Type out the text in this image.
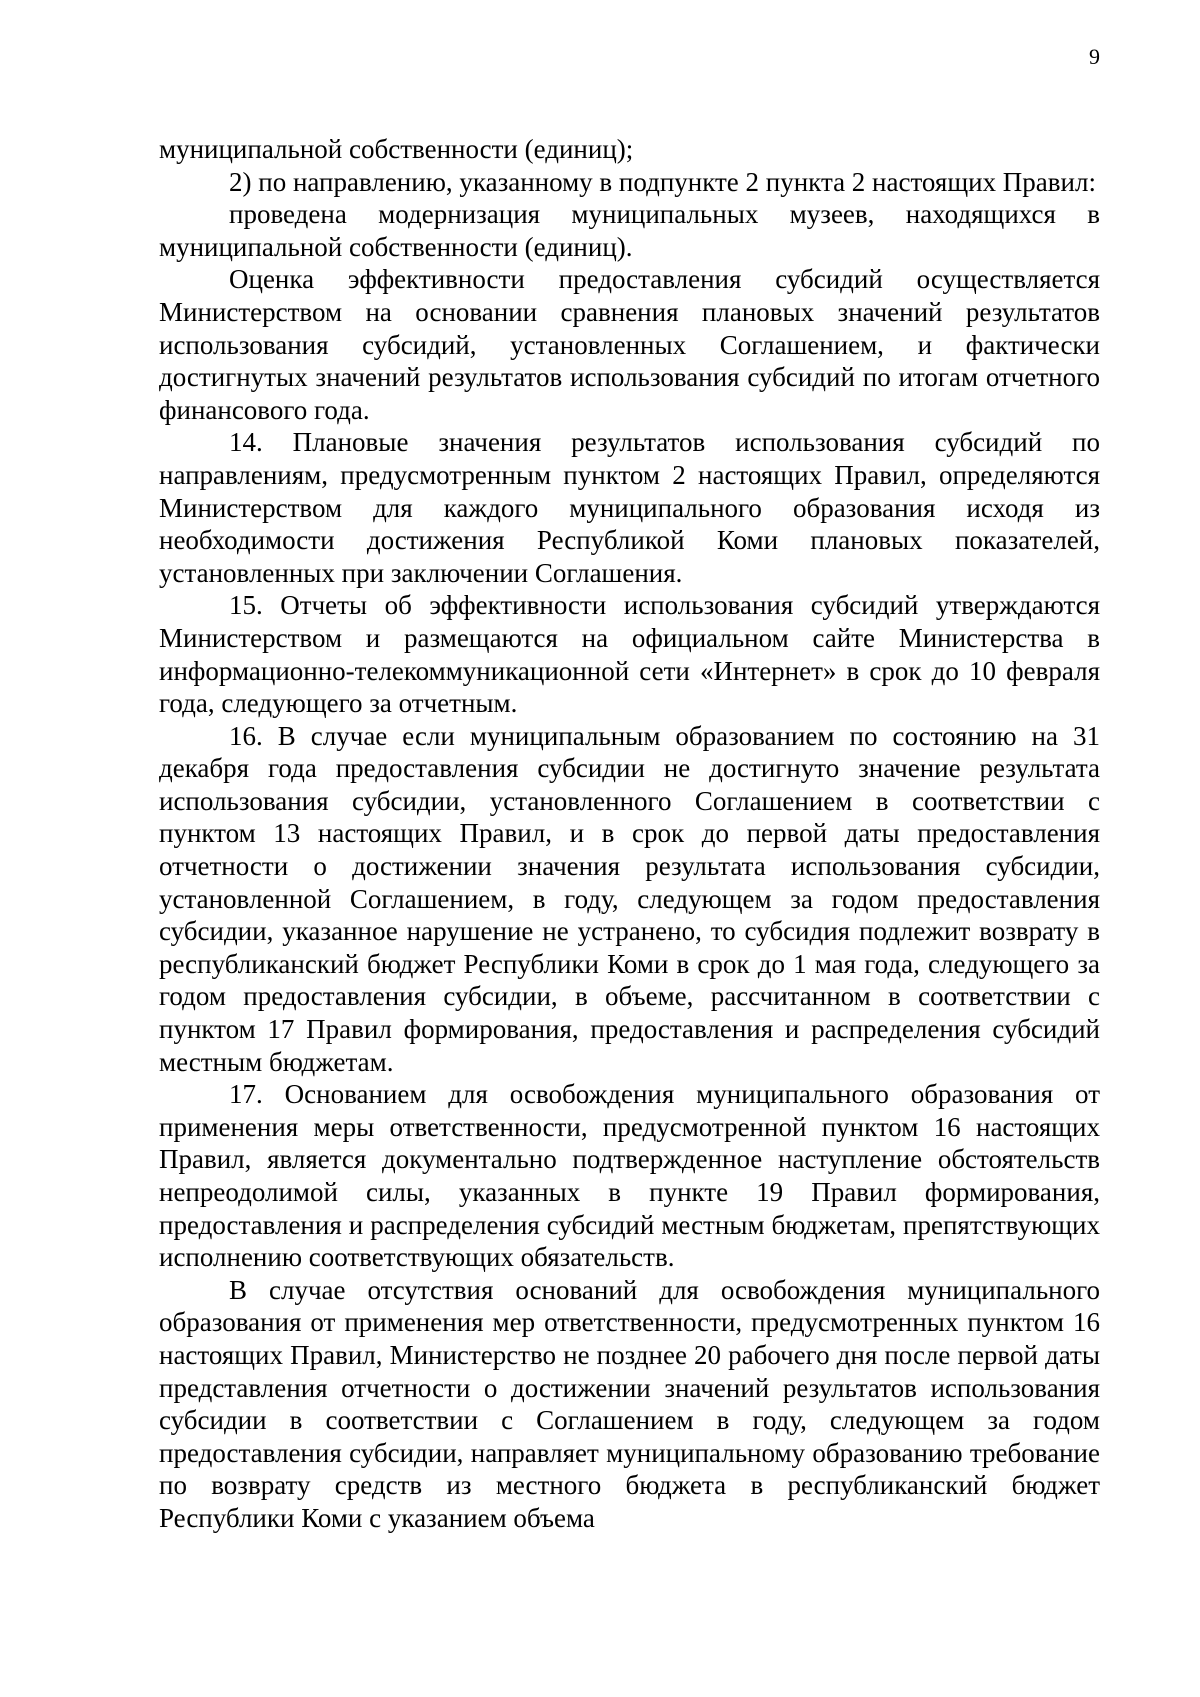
9

муниципальной собственности (единиц);

2) по направлению, указанному в подпункте 2 пункта 2 настоящих Правил:

проведена модернизация муниципальных музеев, находящихся в муниципальной собственности (единиц).

Оценка эффективности предоставления субсидий осуществляется Министерством на основании сравнения плановых значений результатов использования субсидий, установленных Соглашением, и фактически достигнутых значений результатов использования субсидий по итогам отчетного финансового года.

14. Плановые значения результатов использования субсидий по направлениям, предусмотренным пунктом 2 настоящих Правил, определяются Министерством для каждого муниципального образования исходя из необходимости достижения Республикой Коми плановых показателей, установленных при заключении Соглашения.

15. Отчеты об эффективности использования субсидий утверждаются Министерством и размещаются на официальном сайте Министерства в информационно-телекоммуникационной сети «Интернет» в срок до 10 февраля года, следующего за отчетным.

16. В случае если муниципальным образованием по состоянию на 31 декабря года предоставления субсидии не достигнуто значение результата использования субсидии, установленного Соглашением в соответствии с пунктом 13 настоящих Правил, и в срок до первой даты предоставления отчетности о достижении значения результата использования субсидии, установленной Соглашением, в году, следующем за годом предоставления субсидии, указанное нарушение не устранено, то субсидия подлежит возврату в республиканский бюджет Республики Коми в срок до 1 мая года, следующего за годом предоставления субсидии, в объеме, рассчитанном в соответствии с пунктом 17 Правил формирования, предоставления и распределения субсидий местным бюджетам.

17. Основанием для освобождения муниципального образования от применения меры ответственности, предусмотренной пунктом 16 настоящих Правил, является документально подтвержденное наступление обстоятельств непреодолимой силы, указанных в пункте 19 Правил формирования, предоставления и распределения субсидий местным бюджетам, препятствующих исполнению соответствующих обязательств.

В случае отсутствия оснований для освобождения муниципального образования от применения мер ответственности, предусмотренных пунктом 16 настоящих Правил, Министерство не позднее 20 рабочего дня после первой даты представления отчетности о достижении значений результатов использования субсидии в соответствии с Соглашением в году, следующем за годом предоставления субсидии, направляет муниципальному образованию требование по возврату средств из местного бюджета в республиканский бюджет Республики Коми с указанием объема
